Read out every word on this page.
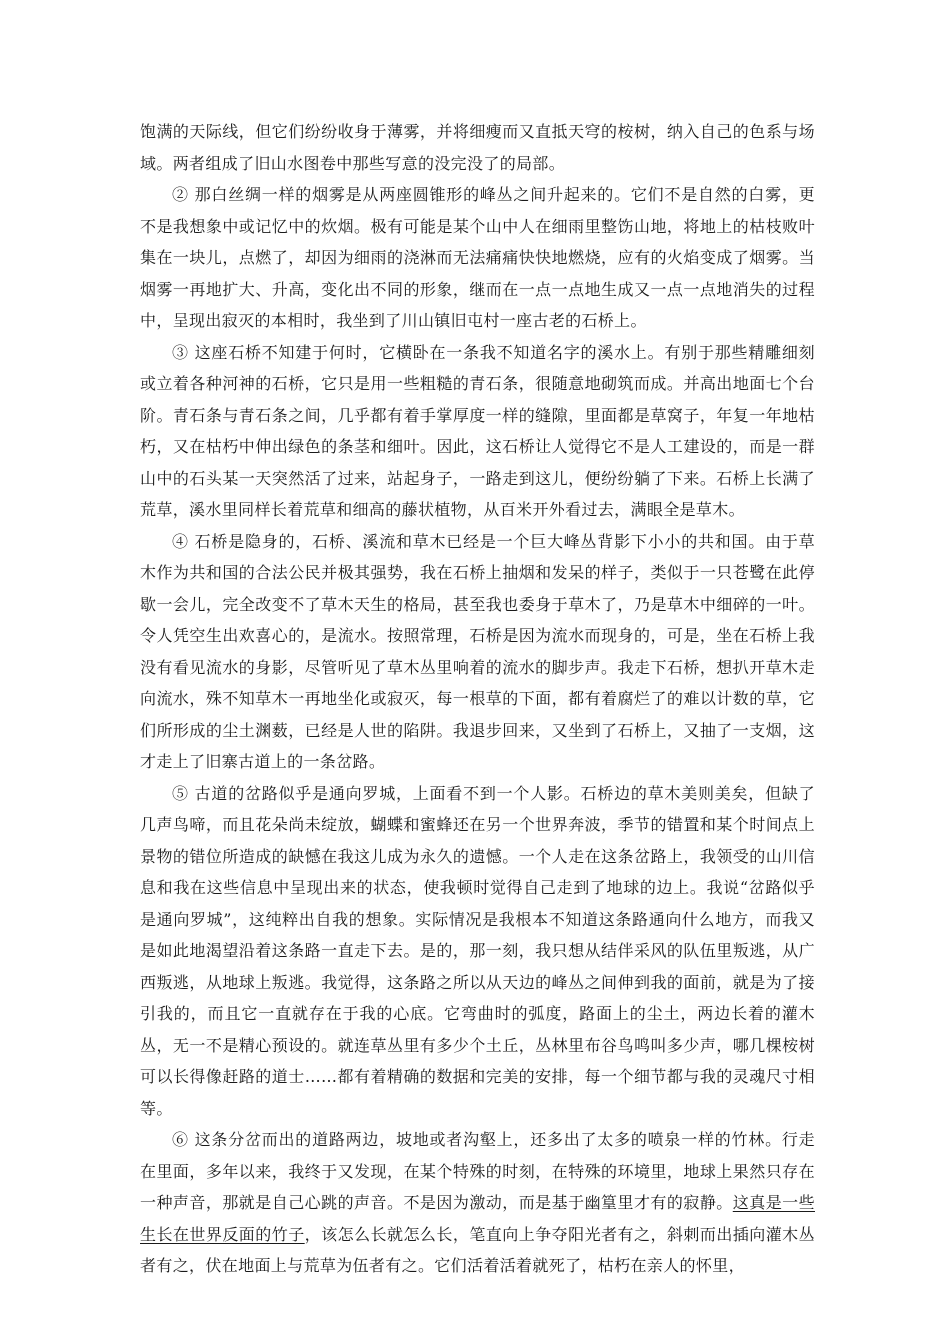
饱满的天际线，但它们纷纷收身于薄雾，并将细瘦而又直抵天穹的桉树，纳入自己的色系与场域。两者组成了旧山水图卷中那些写意的没完没了的局部。

② 那白丝绸一样的烟雾是从两座圆锥形的峰丛之间升起来的。它们不是自然的白雾，更不是我想象中或记忆中的炊烟。极有可能是某个山中人在细雨里整饬山地，将地上的枯枝败叶集在一块儿，点燃了，却因为细雨的浇淋而无法痛痛快快地燃烧，应有的火焰变成了烟雾。当烟雾一再地扩大、升高，变化出不同的形象，继而在一点一点地生成又一点一点地消失的过程中，呈现出寂灭的本相时，我坐到了川山镇旧屯村一座古老的石桥上。

③ 这座石桥不知建于何时，它横卧在一条我不知道名字的溪水上。有别于那些精雕细刻或立着各种河神的石桥，它只是用一些粗糙的青石条，很随意地砌筑而成。并高出地面七个台阶。青石条与青石条之间，几乎都有着手掌厚度一样的缝隙，里面都是草窝子，年复一年地枯朽，又在枯朽中伸出绿色的条茎和细叶。因此，这石桥让人觉得它不是人工建设的，而是一群山中的石头某一天突然活了过来，站起身子，一路走到这儿，便纷纷躺了下来。石桥上长满了荒草，溪水里同样长着荒草和细高的藤状植物，从百米开外看过去，满眼全是草木。

④ 石桥是隐身的，石桥、溪流和草木已经是一个巨大峰丛背影下小小的共和国。由于草木作为共和国的合法公民并极其强势，我在石桥上抽烟和发呆的样子，类似于一只苍鹭在此停歇一会儿，完全改变不了草木天生的格局，甚至我也委身于草木了，乃是草木中细碎的一叶。令人凭空生出欢喜心的，是流水。按照常理，石桥是因为流水而现身的，可是，坐在石桥上我没有看见流水的身影，尽管听见了草木丛里响着的流水的脚步声。我走下石桥，想扒开草木走向流水，殊不知草木一再地坐化或寂灭，每一根草的下面，都有着腐烂了的难以计数的草，它们所形成的尘土渊薮，已经是人世的陷阱。我退步回来，又坐到了石桥上，又抽了一支烟，这才走上了旧寨古道上的一条岔路。

⑤ 古道的岔路似乎是通向罗城，上面看不到一个人影。石桥边的草木美则美矣，但缺了几声鸟啼，而且花朵尚未绽放，蝴蝶和蜜蜂还在另一个世界奔波，季节的错置和某个时间点上景物的错位所造成的缺憾在我这儿成为永久的遗憾。一个人走在这条岔路上，我领受的山川信息和我在这些信息中呈现出来的状态，使我顿时觉得自己走到了地球的边上。我说“岔路似乎是通向罗城”，这纯粹出自我的想象。实际情况是我根本不知道这条路通向什么地方，而我又是如此地渴望沿着这条路一直走下去。是的，那一刻，我只想从结伴采风的队伍里叛逃，从广西叛逃，从地球上叛逃。我觉得，这条路之所以从天边的峰丛之间伸到我的面前，就是为了接引我的，而且它一直就存在于我的心底。它弯曲时的弧度，路面上的尘土，两边长着的灌木丛，无一不是精心预设的。就连草丛里有多少个土丘，丛林里布谷鸟鸣叫多少声，哪几棵桉树可以长得像赶路的道士……都有着精确的数据和完美的安排，每一个细节都与我的灵魂尺寸相等。

⑥ 这条分岔而出的道路两边，坡地或者沟壑上，还多出了太多的喷泉一样的竹林。行走在里面，多年以来，我终于又发现，在某个特殊的时刻，在特殊的环境里，地球上果然只存在一种声音，那就是自己心跳的声音。不是因为激动，而是基于幽篁里才有的寂静。这真是一些生长在世界反面的竹子，该怎么长就怎么长，笔直向上争夺阳光者有之，斜刺而出插向灌木丛者有之，伏在地面上与荒草为伍者有之。它们活着活着就死了，枯朽在亲人的怀里，
